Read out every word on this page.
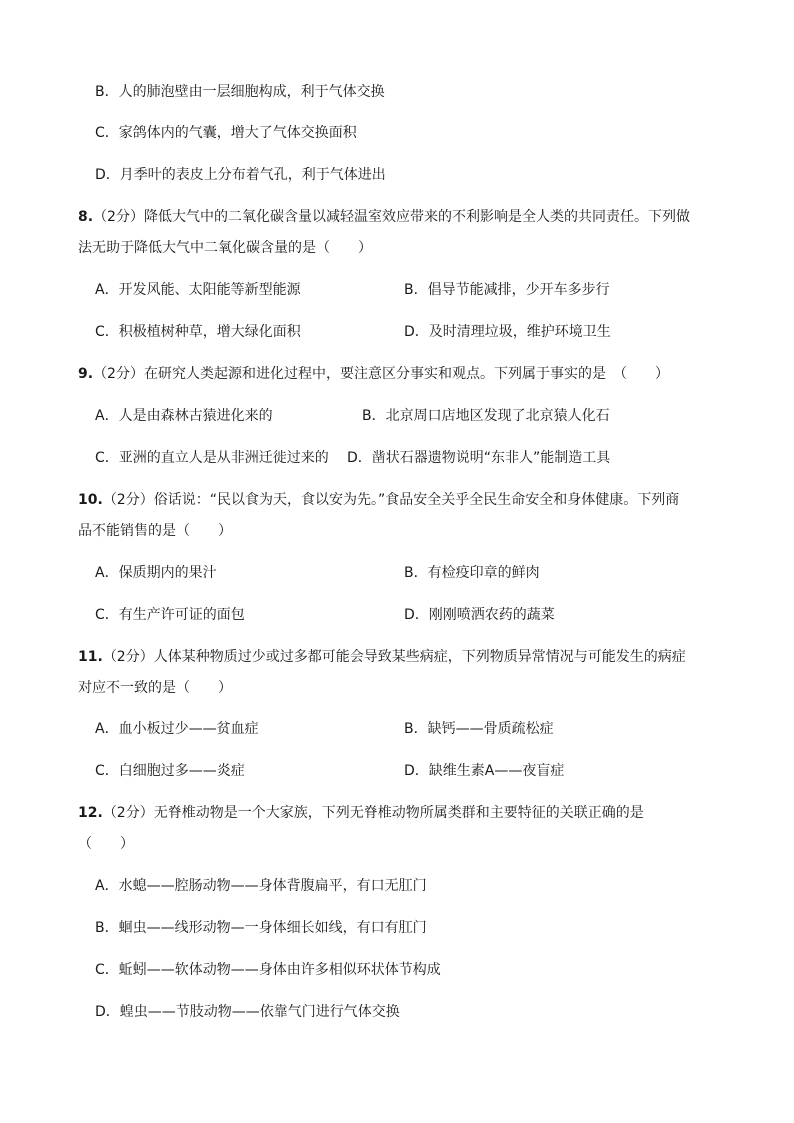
B．人的肺泡壁由一层细胞构成，利于气体交换
C．家鸽体内的气囊，增大了气体交换面积
D．月季叶的表皮上分布着气孔，利于气体进出
8.（2分）降低大气中的二氧化碳含量以减轻温室效应带来的不利影响是全人类的共同责任。下列做
法无助于降低大气中二氧化碳含量的是（　　）
A．开发风能、太阳能等新型能源	B．倡导节能减排，少开车多步行
C．积极植树种草，增大绿化面积	D．及时清理垃圾，维护环境卫生
9.（2分）在研究人类起源和进化过程中，要注意区分事实和观点。下列属于事实的是　（　　）
A．人是由森林古猿进化来的	B．北京周口店地区发现了北京猿人化石
C．亚洲的直立人是从非洲迁徙过来的 D．凿状石器遗物说明“东非人”能制造工具
10.（2分）俗话说：“民以食为天，食以安为先。”食品安全关乎全民生命安全和身体健康。下列商
品不能销售的是（　　）
A．保质期内的果汁	B．有检疫印章的鲜肉
C．有生产许可证的面包	D．刚刚喷洒农药的蔬菜
11.（2分）人体某种物质过少或过多都可能会导致某些病症，下列物质异常情况与可能发生的病症
对应不一致的是（　　）
A．血小板过少——贫血症	B．缺钙——骨质疏松症
C．白细胞过多——炎症	D．缺维生素A——夜盲症
12.（2分）无脊椎动物是一个大家族，下列无脊椎动物所属类群和主要特征的关联正确的是
（　　）
A．水螅——腔肠动物——身体背腹扁平，有口无肛门
B．蛔虫——线形动物—一身体细长如线，有口有肛门
C．蚯蚓——软体动物——身体由许多相似环状体节构成
D．蝗虫——节肢动物——依靠气门进行气体交换
